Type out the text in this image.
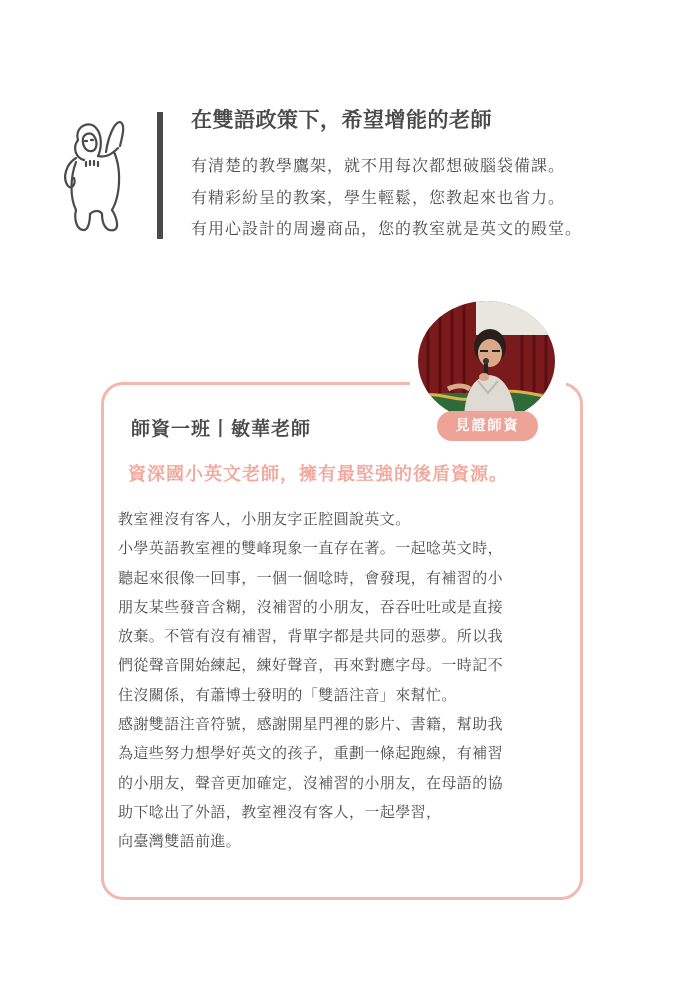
在雙語政策下，希望增能的老師
有清楚的教學鷹架，就不用每次都想破腦袋備課。
有精彩紛呈的教案，學生輕鬆，您教起來也省力。
有用心設計的周邊商品，您的教室就是英文的殿堂。
見證師資
師資一班丨敏華老師
資深國小英文老師，擁有最堅強的後盾資源。

教室裡沒有客人，小朋友字正腔圓說英文。

小學英語教室裡的雙峰現象一直存在著。一起唸英文時，

聽起來很像一回事，一個一個唸時，會發現，有補習的小

朋友某些發音含糊，沒補習的小朋友，吞吞吐吐或是直接

放棄。不管有沒有補習，背單字都是共同的惡夢。所以我

們從聲音開始練起，練好聲音，再來對應字母。一時記不

住沒關係，有蕭博士發明的「雙語注音」來幫忙。

感謝雙語注音符號，感謝開星門裡的影片、書籍，幫助我

為這些努力想學好英文的孩子，重劃一條起跑線，有補習

的小朋友，聲音更加確定，沒補習的小朋友，在母語的協

助下唸出了外語，教室裡沒有客人，一起學習，

向臺灣雙語前進。
